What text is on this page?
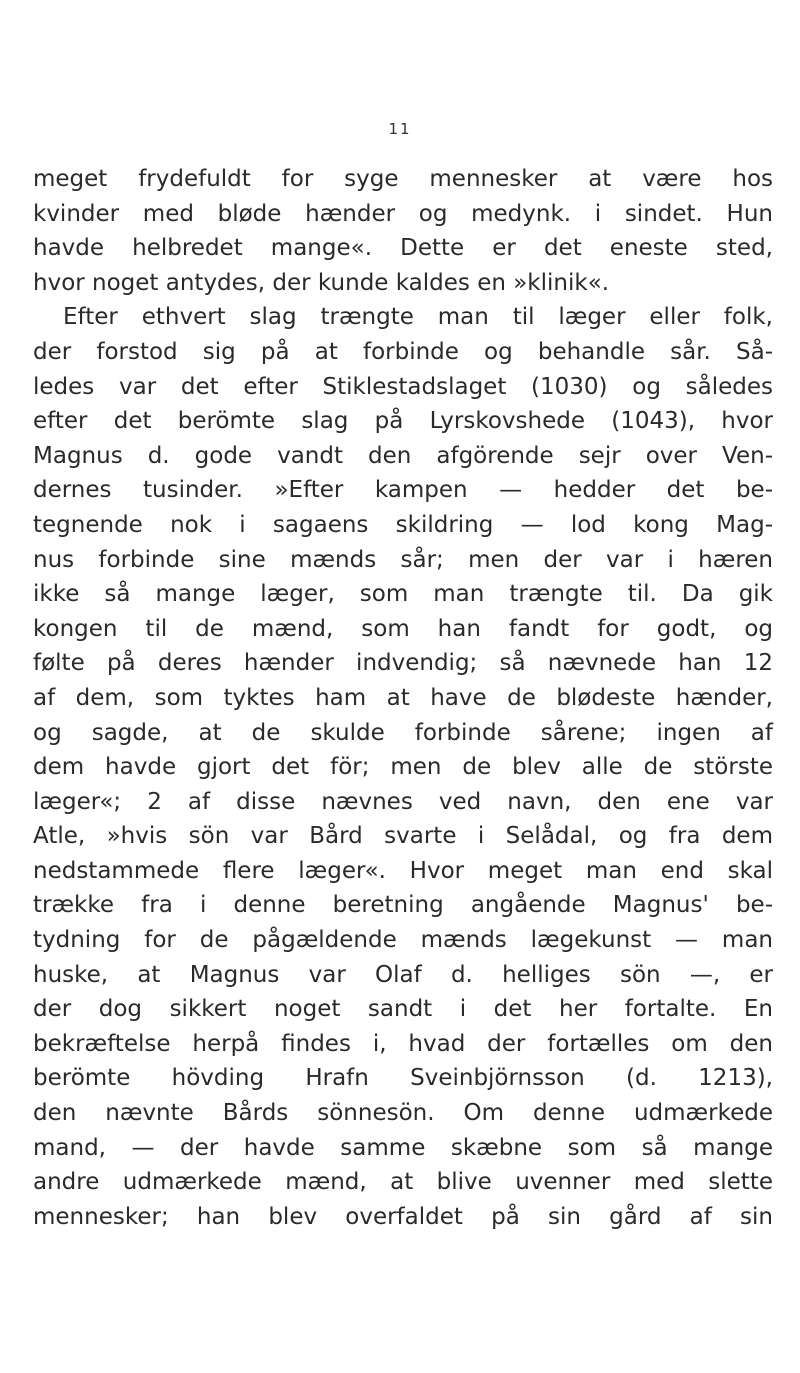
11
meget frydefuldt for syge mennesker at være hos
kvinder med bløde hænder og medynk. i sindet. Hun
havde helbredet mange«. Dette er det eneste sted,
hvor noget antydes, der kunde kaldes en »klinik«.
Efter ethvert slag trængte man til læger eller folk,
der forstod sig på at forbinde og behandle sår. Så-
ledes var det efter Stiklestadslaget (1030) og således
efter det berömte slag på Lyrskovshede (1043), hvor
Magnus d. gode vandt den afgörende sejr over Ven-
dernes tusinder. »Efter kampen — hedder det be-
tegnende nok i sagaens skildring — lod kong Mag-
nus forbinde sine mænds sår; men der var i hæren
ikke så mange læger, som man trængte til. Da gik
kongen til de mænd, som han fandt for godt, og
følte på deres hænder indvendig; så nævnede han 12
af dem, som tyktes ham at have de blødeste hænder,
og sagde, at de skulde forbinde sårene; ingen af
dem havde gjort det för; men de blev alle de störste
læger«; 2 af disse nævnes ved navn, den ene var
Atle, »hvis sön var Bård svarte i Selådal, og fra dem
nedstammede flere læger«. Hvor meget man end skal
trække fra i denne beretning angående Magnus' be-
tydning for de pågældende mænds lægekunst — man
huske, at Magnus var Olaf d. helliges sön —, er
der dog sikkert noget sandt i det her fortalte. En
bekræftelse herpå findes i, hvad der fortælles om den
berömte hövding Hrafn Sveinbjörnsson (d. 1213),
den nævnte Bårds sönnesön. Om denne udmærkede
mand, — der havde samme skæbne som så mange
andre udmærkede mænd, at blive uvenner med slette
mennesker; han blev overfaldet på sin gård af sin
